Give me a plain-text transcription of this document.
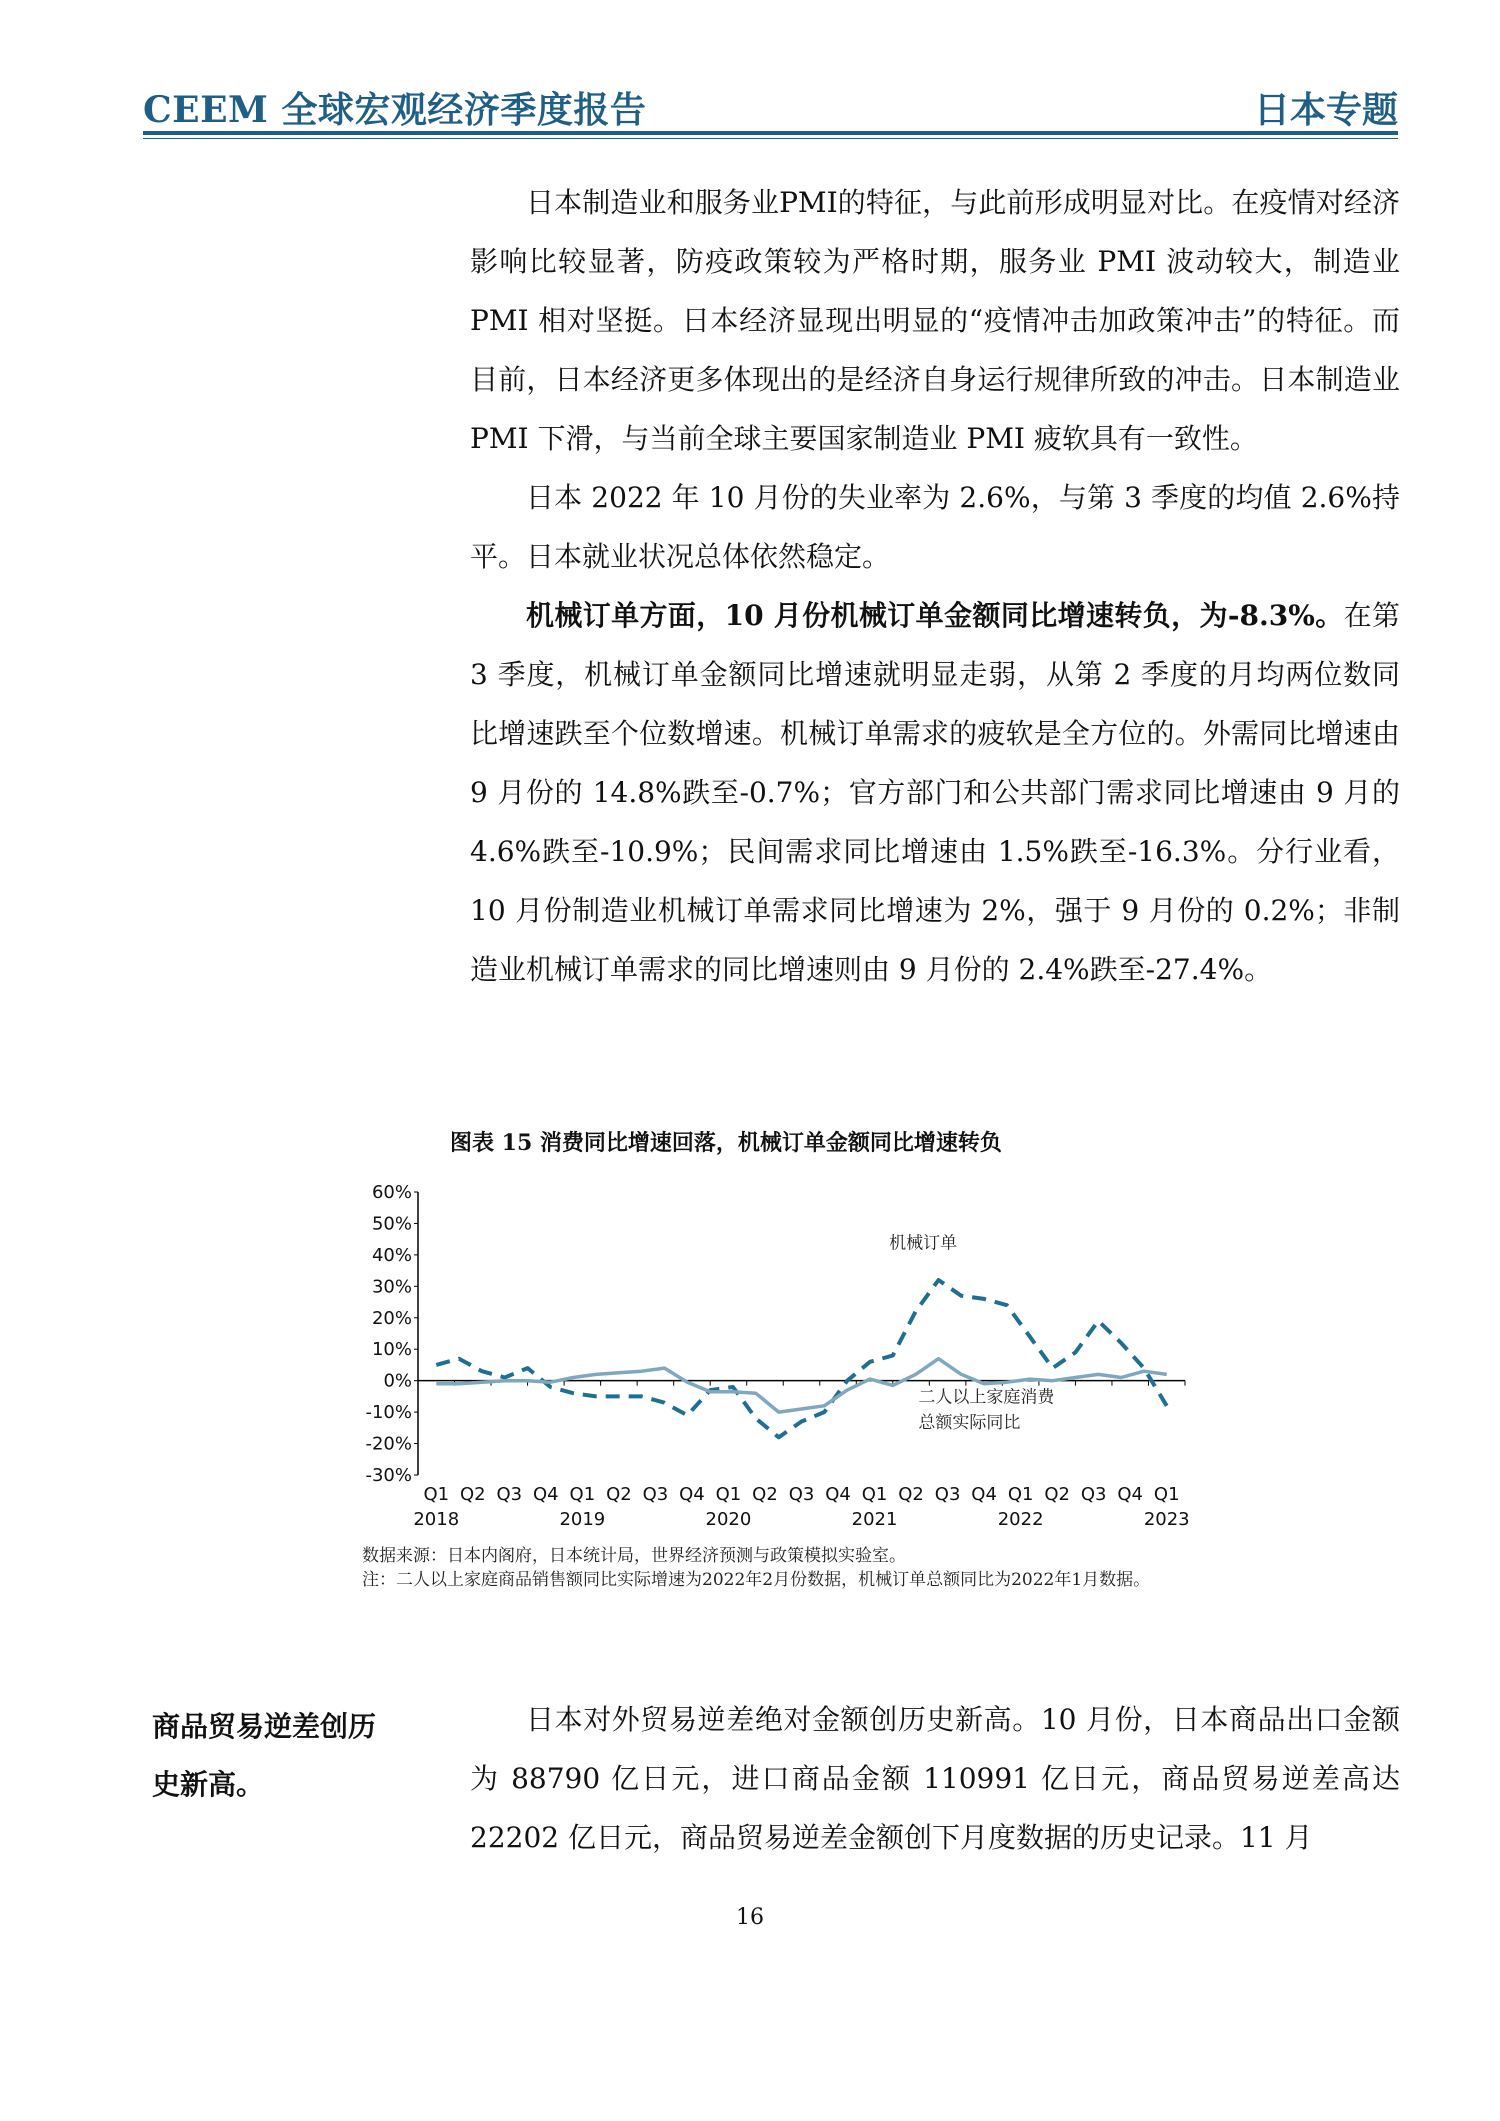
CEEM 全球宏观经济季度报告	日本专题

日本制造业和服务业PMI的特征，与此前形成明显对比。在疫情对经济影响比较显著，防疫政策较为严格时期，服务业 PMI 波动较大，制造业 PMI 相对坚挺。日本经济显现出明显的“疫情冲击加政策冲击”的特征。而目前，日本经济更多体现出的是经济自身运行规律所致的冲击。日本制造业 PMI 下滑，与当前全球主要国家制造业 PMI 疲软具有一致性。

日本 2022 年 10 月份的失业率为 2.6%，与第 3 季度的均值 2.6%持平。日本就业状况总体依然稳定。

机械订单方面，10 月份机械订单金额同比增速转负，为-8.3%。在第 3 季度，机械订单金额同比增速就明显走弱，从第 2 季度的月均两位数同比增速跌至个位数增速。机械订单需求的疲软是全方位的。外需同比增速由 9 月份的 14.8%跌至-0.7%；官方部门和公共部门需求同比增速由 9 月的 4.6%跌至-10.9%；民间需求同比增速由 1.5%跌至-16.3%。分行业看，10 月份制造业机械订单需求同比增速为 2%，强于 9 月份的 0.2%；非制造业机械订单需求的同比增速则由 9 月份的 2.4%跌至-27.4%。

图表 15 消费同比增速回落，机械订单金额同比增速转负
60%
50%
40%
30%
20%
10%
0%
-10%
-20%
-30%
Q1 Q2 Q3 Q4 Q1 Q2 Q3 Q4 Q1 Q2 Q3 Q4 Q1 Q2 Q3 Q4 Q1 Q2 Q3 Q4 Q1
2018	2019	2020	2021	2022	2023
机械订单
二人以上家庭消费
总额实际同比
数据来源：日本内阁府，日本统计局，世界经济预测与政策模拟实验室。
注：二人以上家庭商品销售额同比实际增速为2022年2月份数据，机械订单总额同比为2022年1月数据。
商品贸易逆差创历
史新高。

日本对外贸易逆差绝对金额创历史新高。10 月份，日本商品出口金额为 88790 亿日元，进口商品金额 110991 亿日元，商品贸易逆差高达 22202 亿日元，商品贸易逆差金额创下月度数据的历史记录。11 月

16
